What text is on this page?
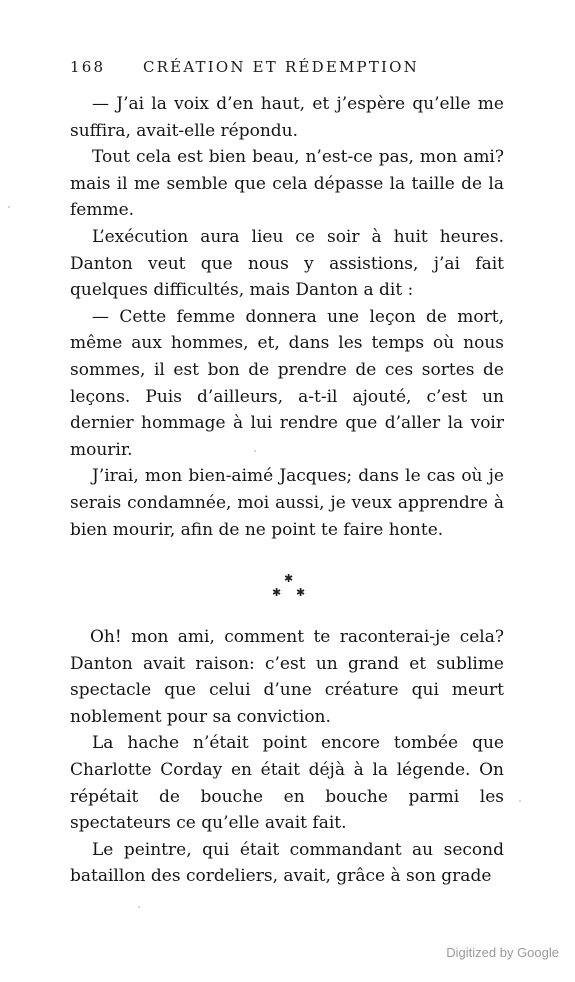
168	CRÉATION ET RÉDEMPTION

— J’ai la voix d’en haut, et j’espère qu’elle me suffira, avait-elle répondu.

Tout cela est bien beau, n’est-ce pas, mon ami? mais il me semble que cela dépasse la taille de la femme.

L’exécution aura lieu ce soir à huit heures. Danton veut que nous y assistions, j’ai fait quelques difficultés, mais Danton a dit :

— Cette femme donnera une leçon de mort, même aux hommes, et, dans les temps où nous sommes, il est bon de prendre de ces sortes de leçons. Puis d’ailleurs, a-t-il ajouté, c’est un dernier hommage à lui rendre que d’aller la voir mourir.

J’irai, mon bien-aimé Jacques; dans le cas où je serais condamnée, moi aussi, je veux apprendre à bien mourir, afin de ne point te faire honte.

✱
✱ ✱

Oh! mon ami, comment te raconterai-je cela? Danton avait raison: c’est un grand et sublime spectacle que celui d’une créature qui meurt noblement pour sa conviction.

La hache n’était point encore tombée que Charlotte Corday en était déjà à la légende. On répétait de bouche en bouche parmi les spectateurs ce qu’elle avait fait.

Le peintre, qui était commandant au second bataillon des cordeliers, avait, grâce à son grade

Digitized by Google
